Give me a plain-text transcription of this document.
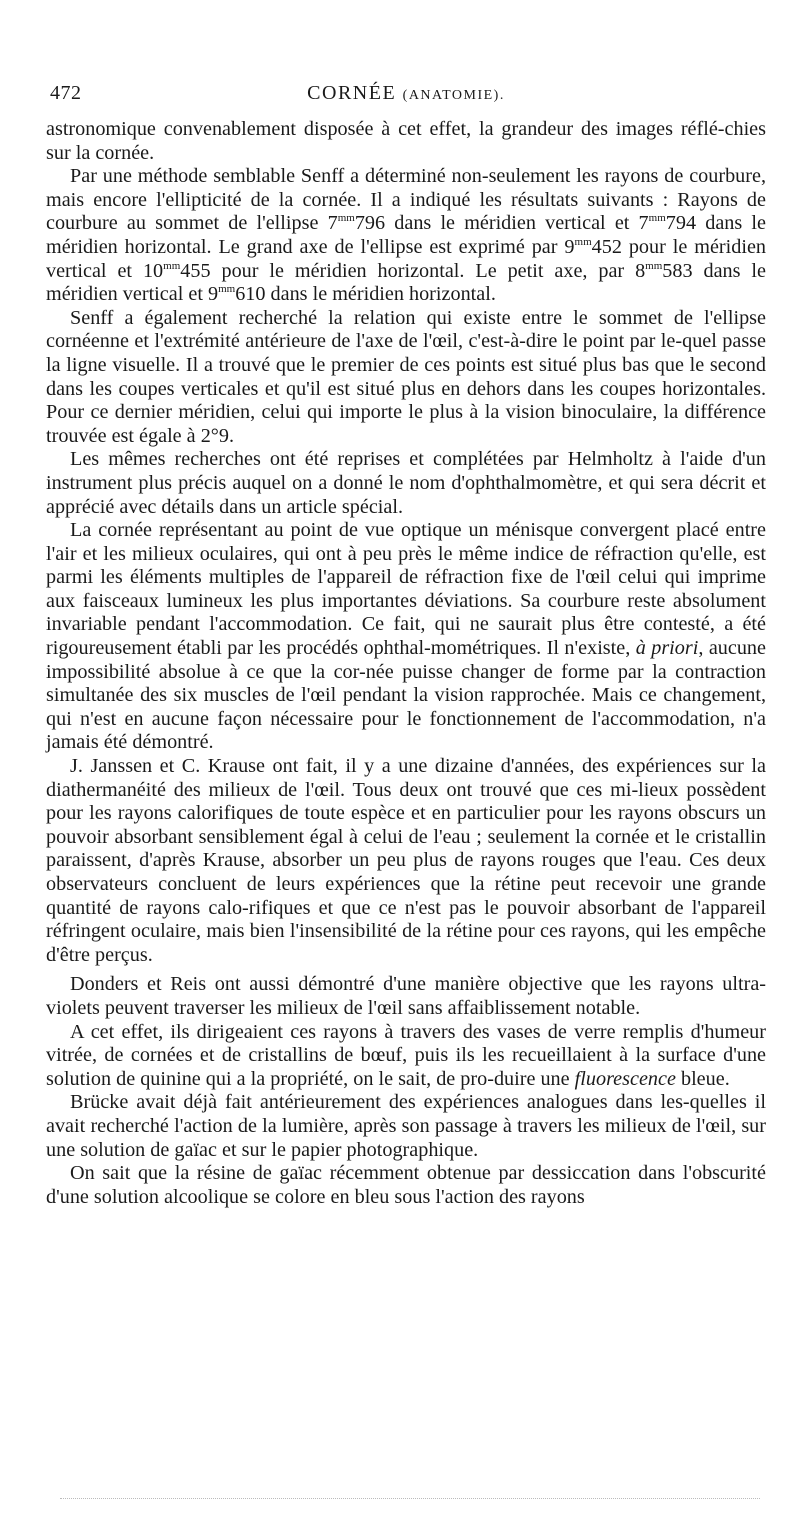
472	CORNÉE (ANATOMIE).

astronomique convenablement disposée à cet effet, la grandeur des images réflé-chies sur la cornée.

Par une méthode semblable Senff a déterminé non-seulement les rayons de courbure, mais encore l'ellipticité de la cornée. Il a indiqué les résultats suivants : Rayons de courbure au sommet de l'ellipse $7^{mm}796$ dans le méridien vertical et $7^{mm}794$ dans le méridien horizontal. Le grand axe de l'ellipse est exprimé par $9^{mm}452$ pour le méridien vertical et $10^{mm}455$ pour le méridien horizontal. Le petit axe, par $8^{mm}583$ dans le méridien vertical et $9^{mm}610$ dans le méridien horizontal.

Senff a également recherché la relation qui existe entre le sommet de l'ellipse cornéenne et l'extrémité antérieure de l'axe de l'œil, c'est-à-dire le point par le-quel passe la ligne visuelle. Il a trouvé que le premier de ces points est situé plus bas que le second dans les coupes verticales et qu'il est situé plus en dehors dans les coupes horizontales. Pour ce dernier méridien, celui qui importe le plus à la vision binoculaire, la différence trouvée est égale à 2°9.

Les mêmes recherches ont été reprises et complétées par Helmholtz à l'aide d'un instrument plus précis auquel on a donné le nom d'ophthalmomètre, et qui sera décrit et apprécié avec détails dans un article spécial.

La cornée représentant au point de vue optique un ménisque convergent placé entre l'air et les milieux oculaires, qui ont à peu près le même indice de réfraction qu'elle, est parmi les éléments multiples de l'appareil de réfraction fixe de l'œil celui qui imprime aux faisceaux lumineux les plus importantes déviations. Sa courbure reste absolument invariable pendant l'accommodation. Ce fait, qui ne saurait plus être contesté, a été rigoureusement établi par les procédés ophthal-mométriques. Il n'existe, à priori, aucune impossibilité absolue à ce que la cor-née puisse changer de forme par la contraction simultanée des six muscles de l'œil pendant la vision rapprochée. Mais ce changement, qui n'est en aucune façon nécessaire pour le fonctionnement de l'accommodation, n'a jamais été démontré.

J. Janssen et C. Krause ont fait, il y a une dizaine d'années, des expériences sur la diathermanéité des milieux de l'œil. Tous deux ont trouvé que ces mi-lieux possèdent pour les rayons calorifiques de toute espèce et en particulier pour les rayons obscurs un pouvoir absorbant sensiblement égal à celui de l'eau ; seulement la cornée et le cristallin paraissent, d'après Krause, absorber un peu plus de rayons rouges que l'eau. Ces deux observateurs concluent de leurs expériences que la rétine peut recevoir une grande quantité de rayons calo-rifiques et que ce n'est pas le pouvoir absorbant de l'appareil réfringent oculaire, mais bien l'insensibilité de la rétine pour ces rayons, qui les empêche d'être perçus.

Donders et Reis ont aussi démontré d'une manière objective que les rayons ultra-violets peuvent traverser les milieux de l'œil sans affaiblissement notable.

A cet effet, ils dirigeaient ces rayons à travers des vases de verre remplis d'humeur vitrée, de cornées et de cristallins de bœuf, puis ils les recueillaient à la surface d'une solution de quinine qui a la propriété, on le sait, de pro-duire une fluorescence bleue.

Brücke avait déjà fait antérieurement des expériences analogues dans les-quelles il avait recherché l'action de la lumière, après son passage à travers les milieux de l'œil, sur une solution de gaïac et sur le papier photographique.

On sait que la résine de gaïac récemment obtenue par dessiccation dans l'obscurité d'une solution alcoolique se colore en bleu sous l'action des rayons
